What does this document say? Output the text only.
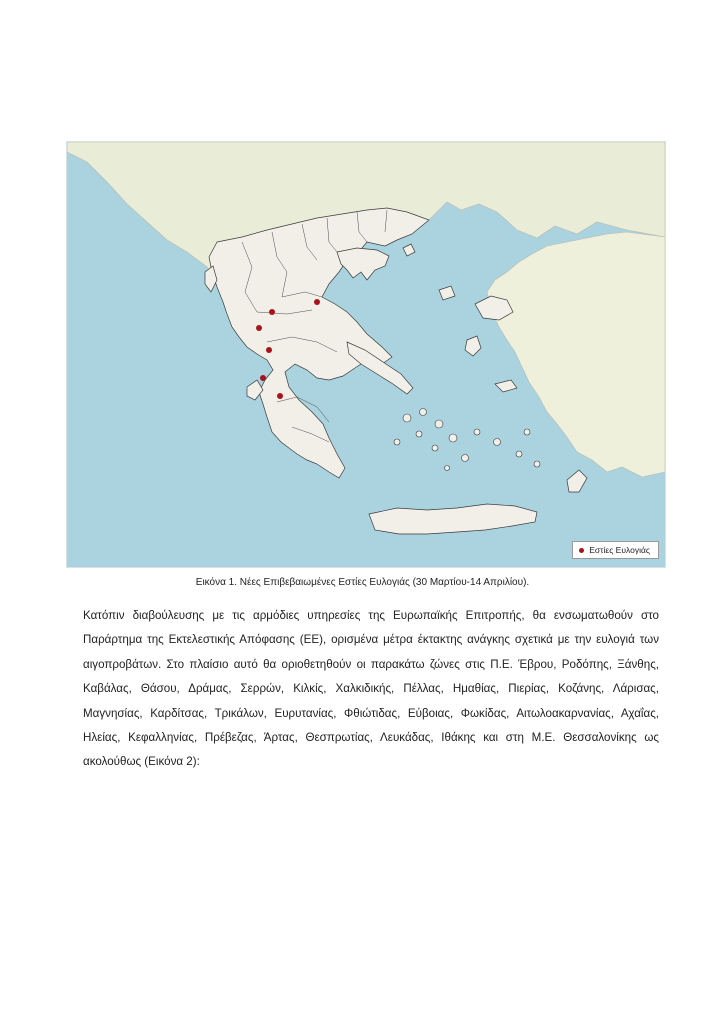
Εστίες Ευλογιάς
Εικόνα 1. Νέες Επιβεβαιωμένες Εστίες Ευλογιάς (30 Μαρτίου-14 Απριλίου).

Κατόπιν διαβούλευσης με τις αρμόδιες υπηρεσίες της Ευρωπαϊκής Επιτροπής, θα ενσωματωθούν στο Παράρτημα της Εκτελεστικής Απόφασης (ΕΕ), ορισμένα μέτρα έκτακτης ανάγκης σχετικά με την ευλογιά των αιγοπροβάτων. Στο πλαίσιο αυτό θα οριοθετηθούν οι παρακάτω ζώνες στις Π.Ε. Έβρου, Ροδόπης, Ξάνθης, Καβάλας, Θάσου, Δράμας, Σερρών, Κιλκίς, Χαλκιδικής, Πέλλας, Ημαθίας, Πιερίας, Κοζάνης, Λάρισας, Μαγνησίας, Καρδίτσας, Τρικάλων, Ευρυτανίας, Φθιώτιδας, Εύβοιας, Φωκίδας, Αιτωλοακαρνανίας, Αχαΐας, Ηλείας, Κεφαλληνίας, Πρέβεζας, Άρτας, Θεσπρωτίας, Λευκάδας, Ιθάκης και στη Μ.Ε. Θεσσαλονίκης ως ακολούθως (Εικόνα 2):
